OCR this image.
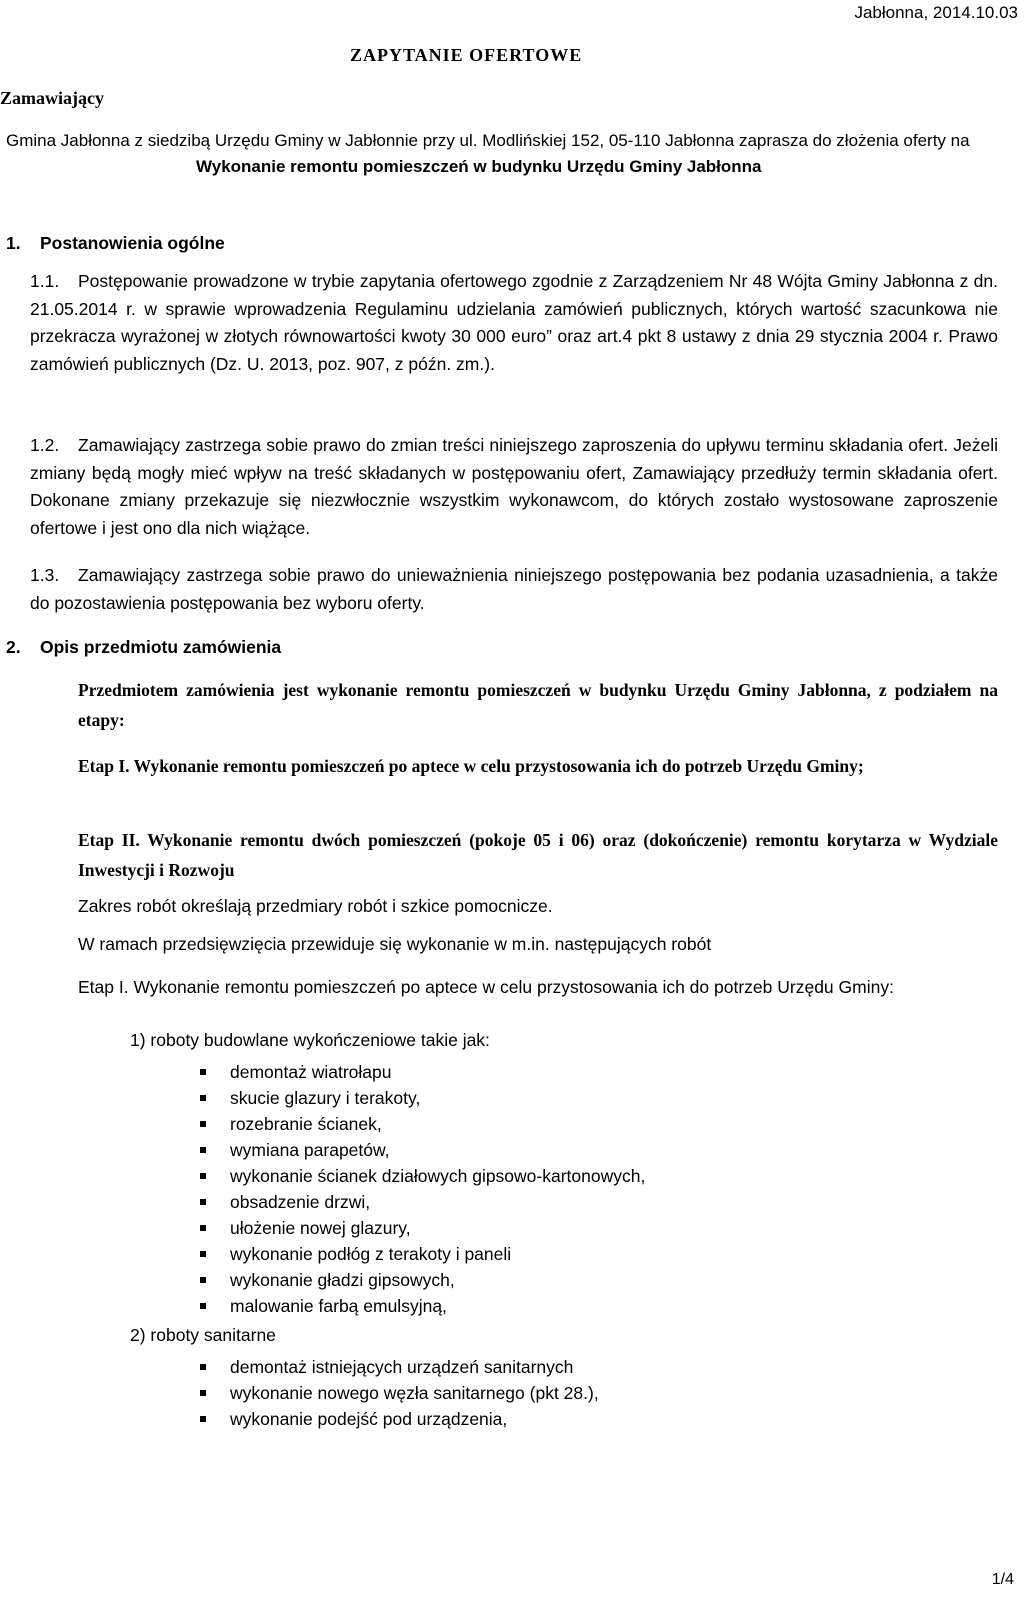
Jabłonna, 2014.10.03
ZAPYTANIE OFERTOWE
Zamawiający
Gmina Jabłonna z siedzibą Urzędu Gminy w Jabłonnie przy ul. Modlińskiej 152, 05-110 Jabłonna zaprasza do złożenia oferty na
Wykonanie remontu pomieszczeń w budynku Urzędu Gminy Jabłonna
1. Postanowienia ogólne
1.1. Postępowanie prowadzone w trybie zapytania ofertowego zgodnie z Zarządzeniem Nr 48 Wójta Gminy Jabłonna z dn. 21.05.2014 r. w sprawie wprowadzenia Regulaminu udzielania zamówień publicznych, których wartość szacunkowa nie przekracza wyrażonej w złotych równowartości kwoty 30 000 euro” oraz art.4 pkt 8 ustawy z dnia 29 stycznia 2004 r. Prawo zamówień publicznych (Dz. U. 2013, poz. 907, z późn. zm.).
1.2. Zamawiający zastrzega sobie prawo do zmian treści niniejszego zaproszenia do upływu terminu składania ofert. Jeżeli zmiany będą mogły mieć wpływ na treść składanych w postępowaniu ofert, Zamawiający przedłuży termin składania ofert. Dokonane zmiany przekazuje się niezwłocznie wszystkim wykonawcom, do których zostało wystosowane zaproszenie ofertowe i jest ono dla nich wiążące.
1.3. Zamawiający zastrzega sobie prawo do unieważnienia niniejszego postępowania bez podania uzasadnienia, a także do pozostawienia postępowania bez wyboru oferty.
2. Opis przedmiotu zamówienia
Przedmiotem zamówienia jest wykonanie remontu pomieszczeń w budynku Urzędu Gminy Jabłonna, z podziałem na etapy:
Etap I. Wykonanie remontu pomieszczeń po aptece w celu przystosowania ich do potrzeb Urzędu Gminy;
Etap II. Wykonanie remontu dwóch pomieszczeń (pokoje 05 i 06) oraz (dokończenie) remontu korytarza w Wydziale Inwestycji i Rozwoju
Zakres robót określają przedmiary robót i szkice pomocnicze.
W ramach przedsięwzięcia przewiduje się wykonanie w m.in. następujących robót
Etap I. Wykonanie remontu pomieszczeń po aptece w celu przystosowania ich do potrzeb Urzędu Gminy:
1) roboty budowlane wykończeniowe takie jak:
demontaż wiatrołapu
skucie glazury i terakoty,
rozebranie ścianek,
wymiana parapetów,
wykonanie ścianek działowych gipsowo-kartonowych,
obsadzenie drzwi,
ułożenie nowej glazury,
wykonanie podłóg z terakoty i paneli
wykonanie gładzi gipsowych,
malowanie farbą emulsyjną,
2) roboty sanitarne
demontaż istniejących urządzeń sanitarnych
wykonanie nowego węzła sanitarnego (pkt 28.),
wykonanie podejść pod urządzenia,
1/4
